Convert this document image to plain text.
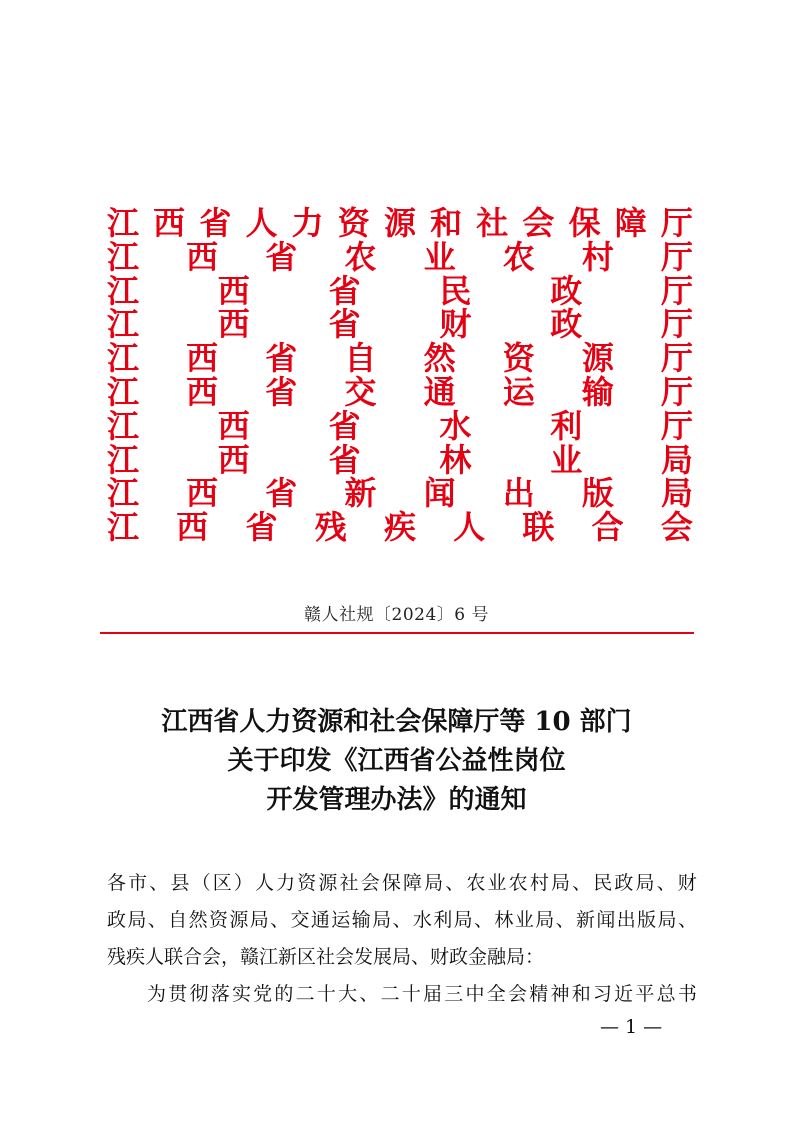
江 西 省 人 力 资 源 和 社 会 保 障 厅
江 西 省 农 业 农 村 厅
江 西 省 民 政 厅
江 西 省 财 政 厅
江 西 省 自 然 资 源 厅
江 西 省 交 通 运 输 厅
江 西 省 水 利 厅
江 西 省 林 业 局
江 西 省 新 闻 出 版 局
江 西 省 残 疾 人 联 合 会
赣人社规〔2024〕6 号
江西省人力资源和社会保障厅等 10 部门
关于印发《江西省公益性岗位
开发管理办法》的通知
各 市 、 县 （ 区 ） 人 力 资 源 社 会 保 障 局 、 农 业 农 村 局 、 民 政 局 、 财
政 局 、 自 然 资 源 局 、 交 通 运 输 局 、 水 利 局 、 林 业 局 、 新 闻 出 版 局 、
残疾人联合会，赣江新区社会发展局、财政金融局：
为 贯 彻 落 实 党 的 二 十 大 、 二 十 届 三 中 全 会 精 神 和 习 近 平 总 书
— 1 —
